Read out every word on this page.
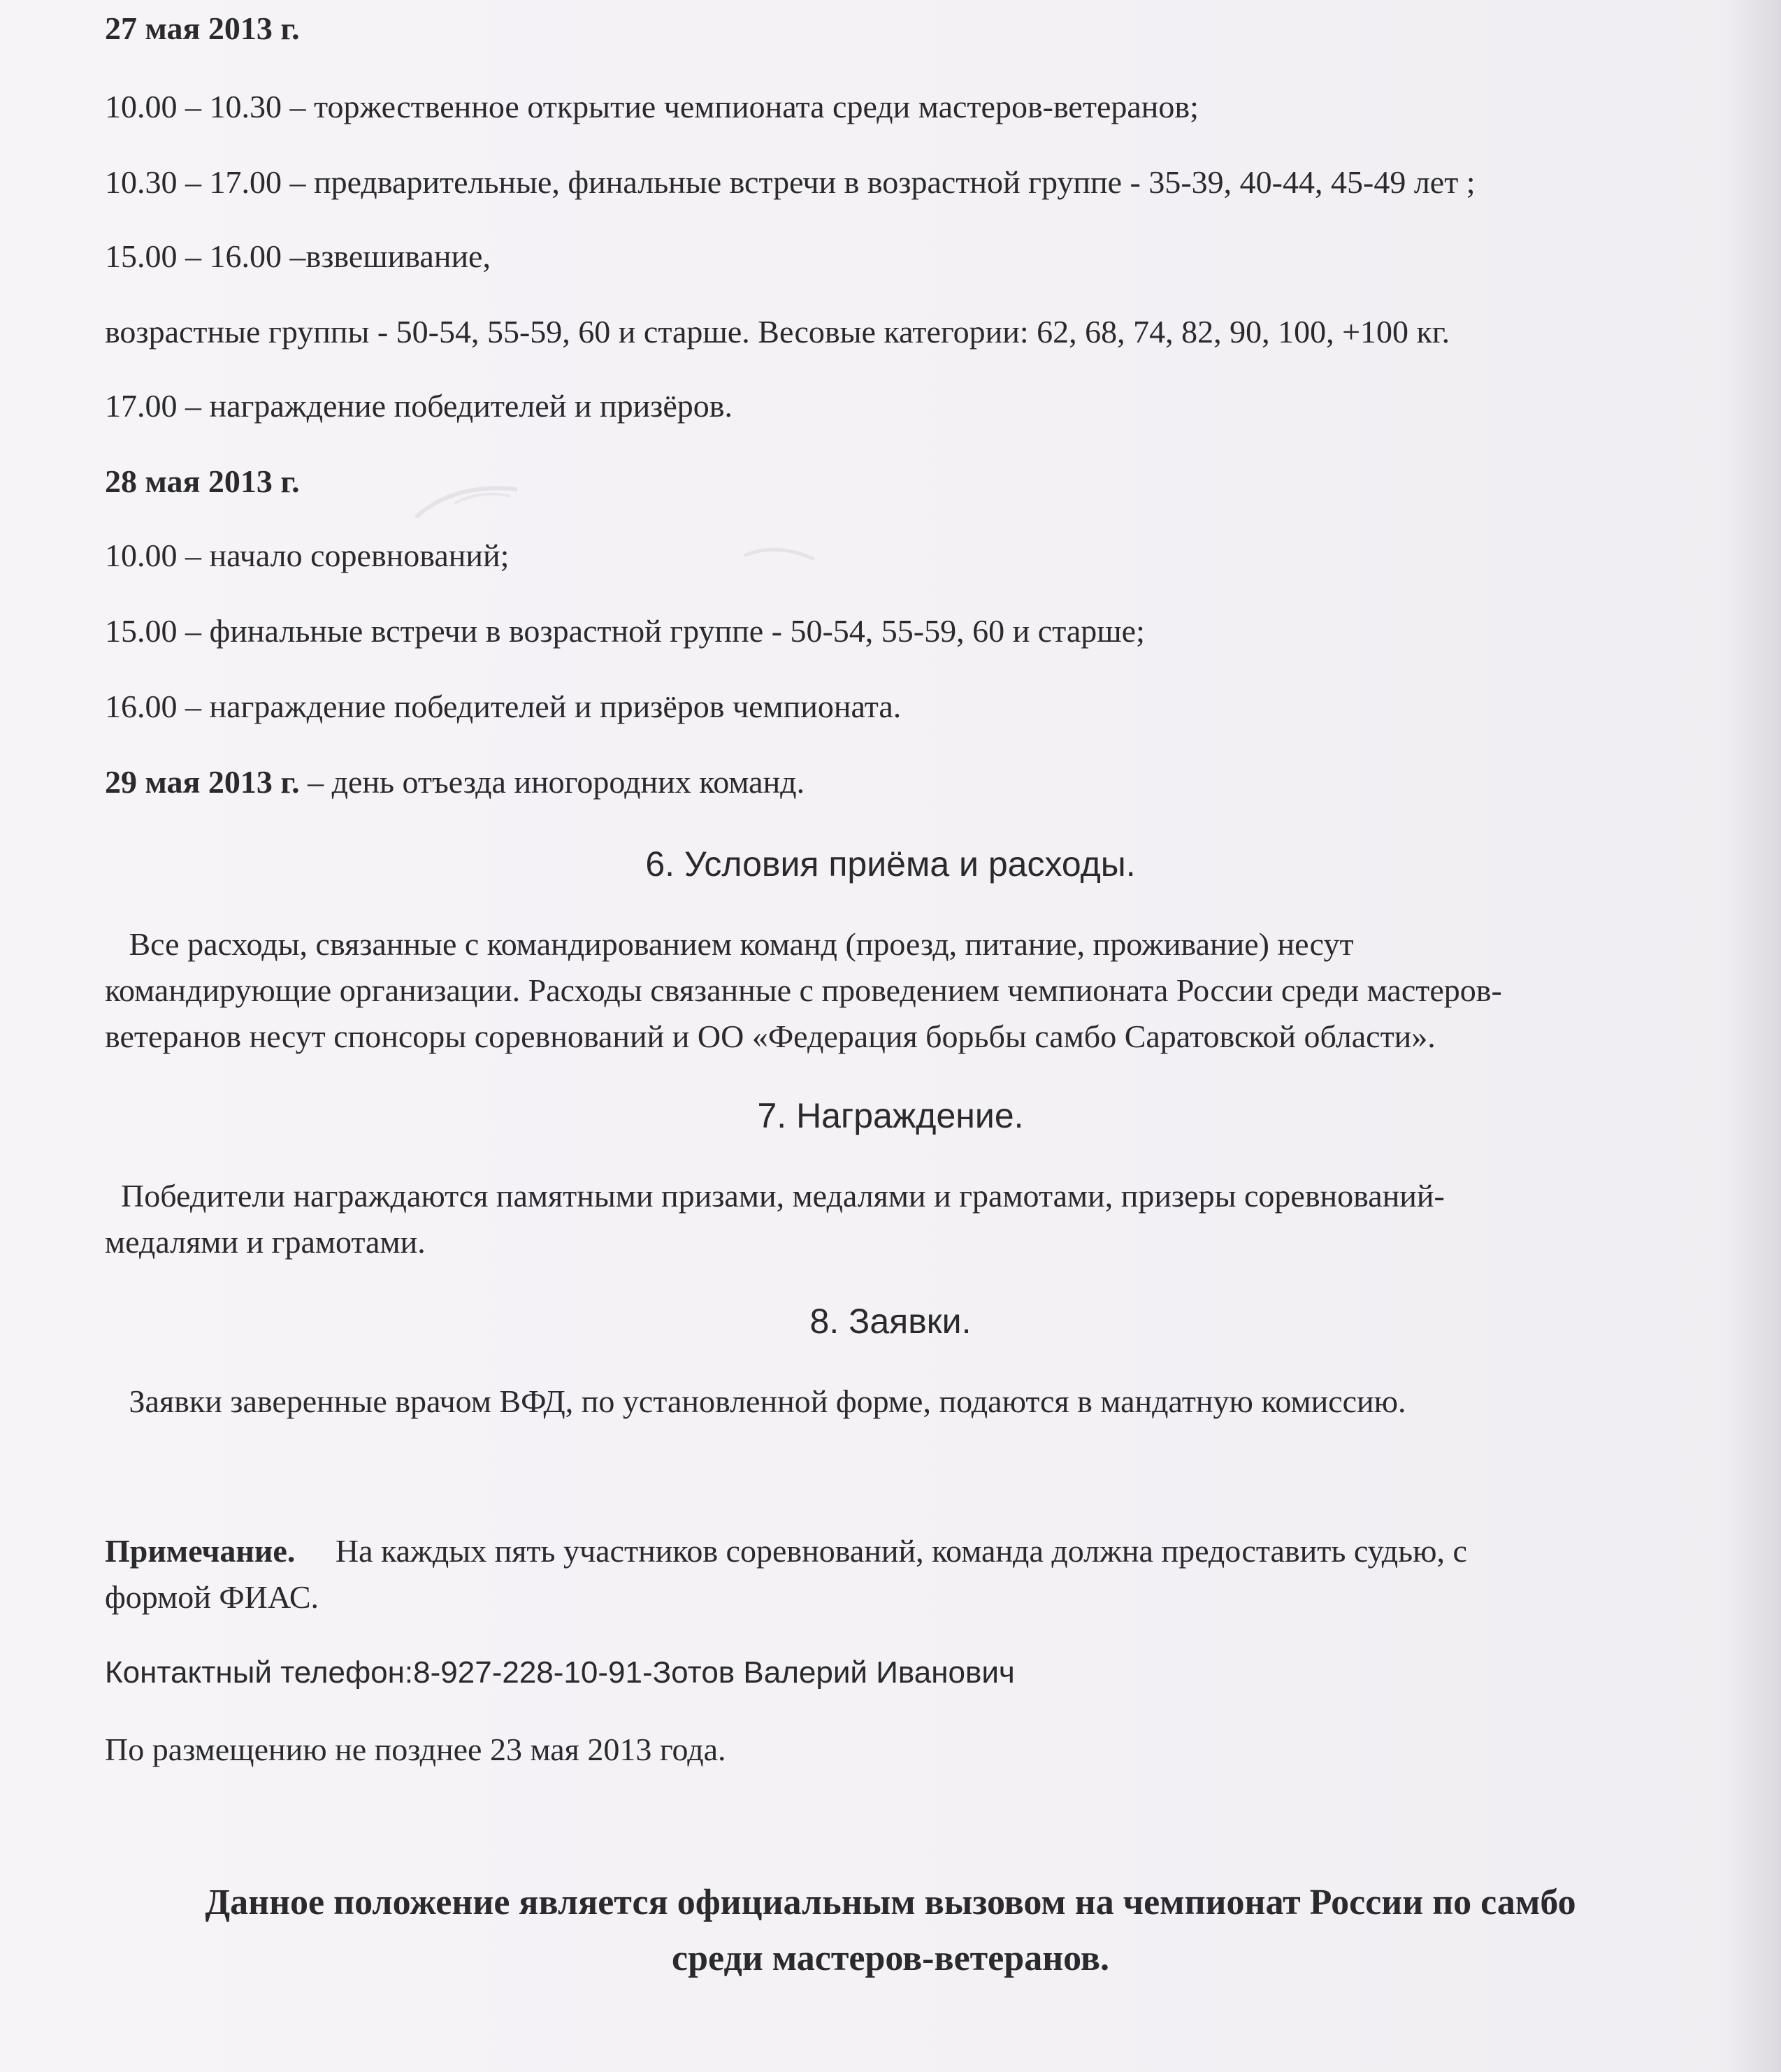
27 мая 2013 г.
10.00 – 10.30 – торжественное открытие чемпионата среди мастеров-ветеранов;
10.30 – 17.00 – предварительные, финальные встречи в возрастной группе - 35-39, 40-44, 45-49 лет ;
15.00 – 16.00 –взвешивание,
возрастные группы - 50-54, 55-59, 60 и старше. Весовые категории: 62, 68, 74, 82, 90, 100, +100 кг.
17.00 – награждение победителей и призёров.
28 мая 2013 г.
10.00 – начало соревнований;
15.00 – финальные встречи в возрастной группе - 50-54, 55-59, 60 и старше;
16.00 – награждение победителей и призёров чемпионата.
29 мая 2013 г. – день отъезда иногородних команд.
6. Условия приёма и расходы.
Все расходы, связанные с командированием команд (проезд, питание, проживание) несут
командирующие организации. Расходы связанные с проведением чемпионата России среди мастеров-
ветеранов несут спонсоры соревнований и ОО «Федерация борьбы самбо Саратовской области».
7. Награждение.
Победители награждаются памятными призами, медалями и грамотами, призеры соревнований-
медалями и грамотами.
8. Заявки.
Заявки заверенные врачом ВФД, по установленной форме, подаются в мандатную комиссию.
Примечание.     На каждых пять участников соревнований, команда должна предоставить судью, с
формой ФИАС.
Контактный телефон:8-927-228-10-91-Зотов Валерий Иванович
По размещению не позднее 23 мая 2013 года.
Данное положение является официальным вызовом на чемпионат России по самбо
среди мастеров-ветеранов.
